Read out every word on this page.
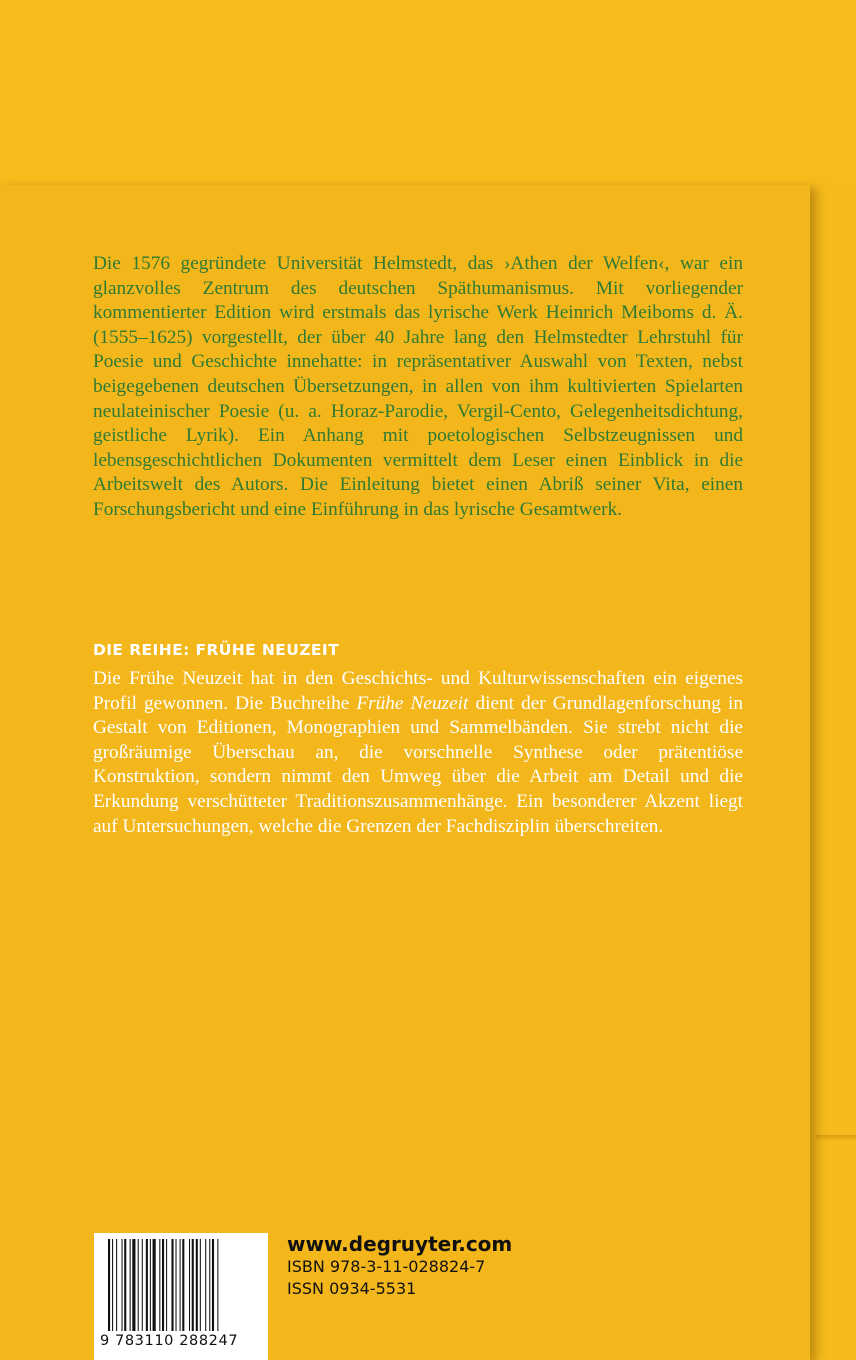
Die 1576 gegründete Universität Helmstedt, das ›Athen der Welfen‹, war ein glanzvolles Zentrum des deutschen Späthumanismus. Mit vorliegender kommentierter Edition wird erstmals das lyrische Werk Heinrich Meiboms d. Ä. (1555–1625) vorgestellt, der über 40 Jahre lang den Helmstedter Lehrstuhl für Poesie und Geschichte innehatte: in repräsentativer Auswahl von Texten, nebst beigegebenen deutschen Übersetzungen, in allen von ihm kultivierten Spielarten neulateinischer Poesie (u. a. Horaz-Parodie, Vergil-Cento, Gelegenheitsdichtung, geistliche Lyrik). Ein Anhang mit poetologischen Selbstzeugnissen und lebensgeschichtlichen Dokumenten vermittelt dem Leser einen Einblick in die Arbeitswelt des Autors. Die Einleitung bietet einen Abriß seiner Vita, einen Forschungsbericht und eine Einführung in das lyrische Gesamtwerk.

DIE REIHE: FRÜHE NEUZEIT

Die Frühe Neuzeit hat in den Geschichts- und Kulturwissenschaften ein eigenes Profil gewonnen. Die Buchreihe Frühe Neuzeit dient der Grundlagenforschung in Gestalt von Editionen, Monographien und Sammelbänden. Sie strebt nicht die großräumige Überschau an, die vorschnelle Synthese oder prätentiöse Konstruktion, sondern nimmt den Umweg über die Arbeit am Detail und die Erkundung verschütteter Traditionszusammenhänge. Ein besonderer Akzent liegt auf Untersuchungen, welche die Grenzen der Fachdisziplin überschreiten.

9 783110 288247
www.degruyter.com
ISBN 978-3-11-028824-7
ISSN 0934-5531
